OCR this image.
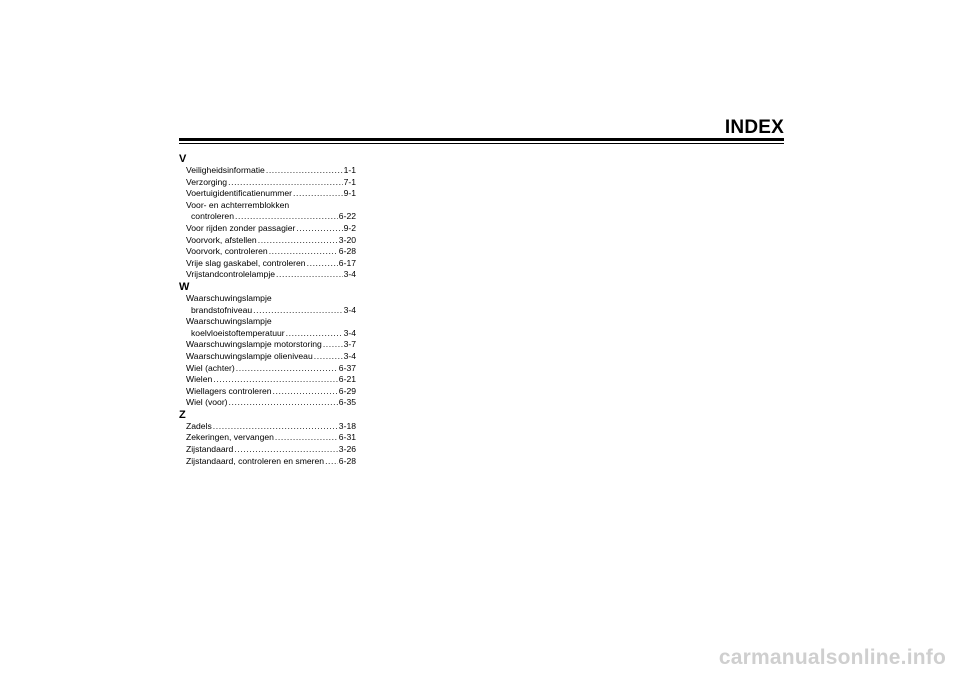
INDEX
V
Veiligheidsinformatie .....	1-1
Verzorging .....	7-1
Voertuigidentificatienummer .....	9-1
Voor- en achterremblokken
controleren .....	6-22
Voor rijden zonder passagier .....	9-2
Voorvork, afstellen .....	3-20
Voorvork, controleren .....	6-28
Vrije slag gaskabel, controleren .....	6-17
Vrijstandcontrolelampje .....	3-4
W
Waarschuwingslampje
brandstofniveau .....	3-4
Waarschuwingslampje
koelvloeistoftemperatuur .....	3-4
Waarschuwingslampje motorstoring .....	3-7
Waarschuwingslampje olieniveau .....	3-4
Wiel (achter) .....	6-37
Wielen .....	6-21
Wiellagers controleren .....	6-29
Wiel (voor) .....	6-35
Z
Zadels .....	3-18
Zekeringen, vervangen .....	6-31
Zijstandaard .....	3-26
Zijstandaard, controleren en smeren ..... 6-28
carmanualsonline.info
